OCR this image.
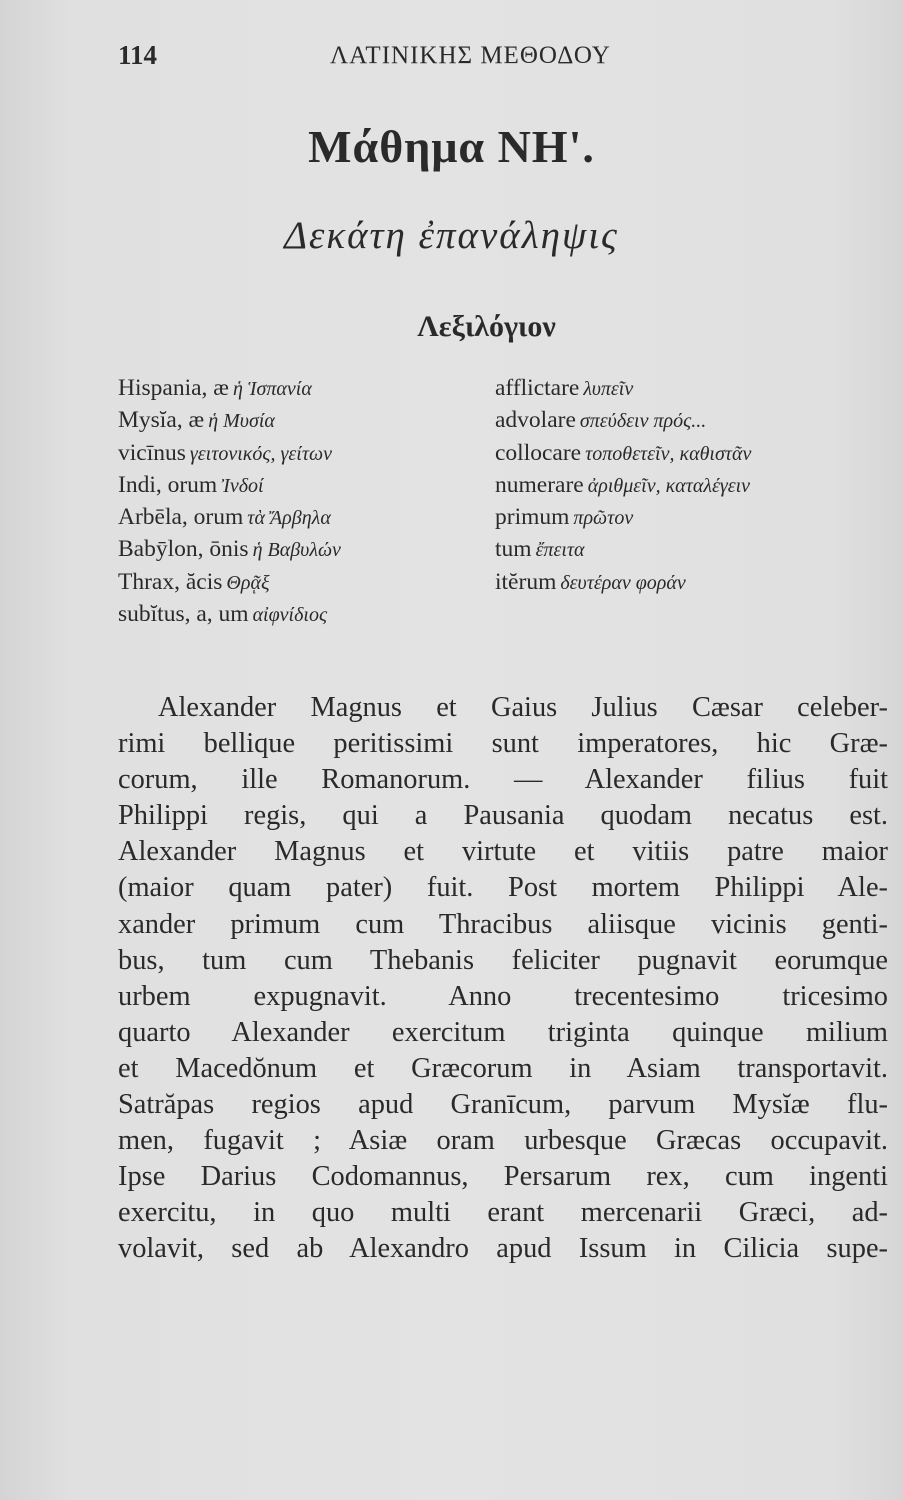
114	ΛΑΤΙΝΙΚΗΣ ΜΕΘΟΔΟΥ
Μάθημα ΝΗ'.
Δεκάτη ἐπανάληψις
Λεξιλόγιον
Hispania, æ ἡ Ἱσπανία
Mysĭa, æ ἡ Μυσία
vicīnus γειτονικός, γείτων
Indi, orum Ἰνδοί
Arbēla, orum τὰ Ἄρβηλα
Babȳlon, ōnis ἡ Βαβυλών
Thrax, ăcis Θρᾷξ
subĭtus, a, um αἰφνίδιος
afflictare λυπεῖν
advolare σπεύδειν πρός...
collocare τοποθετεῖν, καθιστᾶν
numerare ἀριθμεῖν, καταλέγειν
primum πρῶτον
tum ἔπειτα
itĕrum δευτέραν φοράν
Alexander Magnus et Gaius Julius Cæsar celeber-
rimi bellique peritissimi sunt imperatores, hic Græ-
corum, ille Romanorum. — Alexander filius fuit
Philippi regis, qui a Pausania quodam necatus est.
Alexander Magnus et virtute et vitiis patre maior
(maior quam pater) fuit. Post mortem Philippi Ale-
xander primum cum Thracibus aliisque vicinis genti-
bus, tum cum Thebanis feliciter pugnavit eorumque
urbem expugnavit. Anno trecentesimo tricesimo
quarto Alexander exercitum triginta quinque milium
et Macedŏnum et Græcorum in Asiam transportavit.
Satrăpas regios apud Granīcum, parvum Mysĭæ flu-
men, fugavit ; Asiæ oram urbesque Græcas occupavit.
Ipse Darius Codomannus, Persarum rex, cum ingenti
exercitu, in quo multi erant mercenarii Græci, ad-
volavit, sed ab Alexandro apud Issum in Cilicia supe-
